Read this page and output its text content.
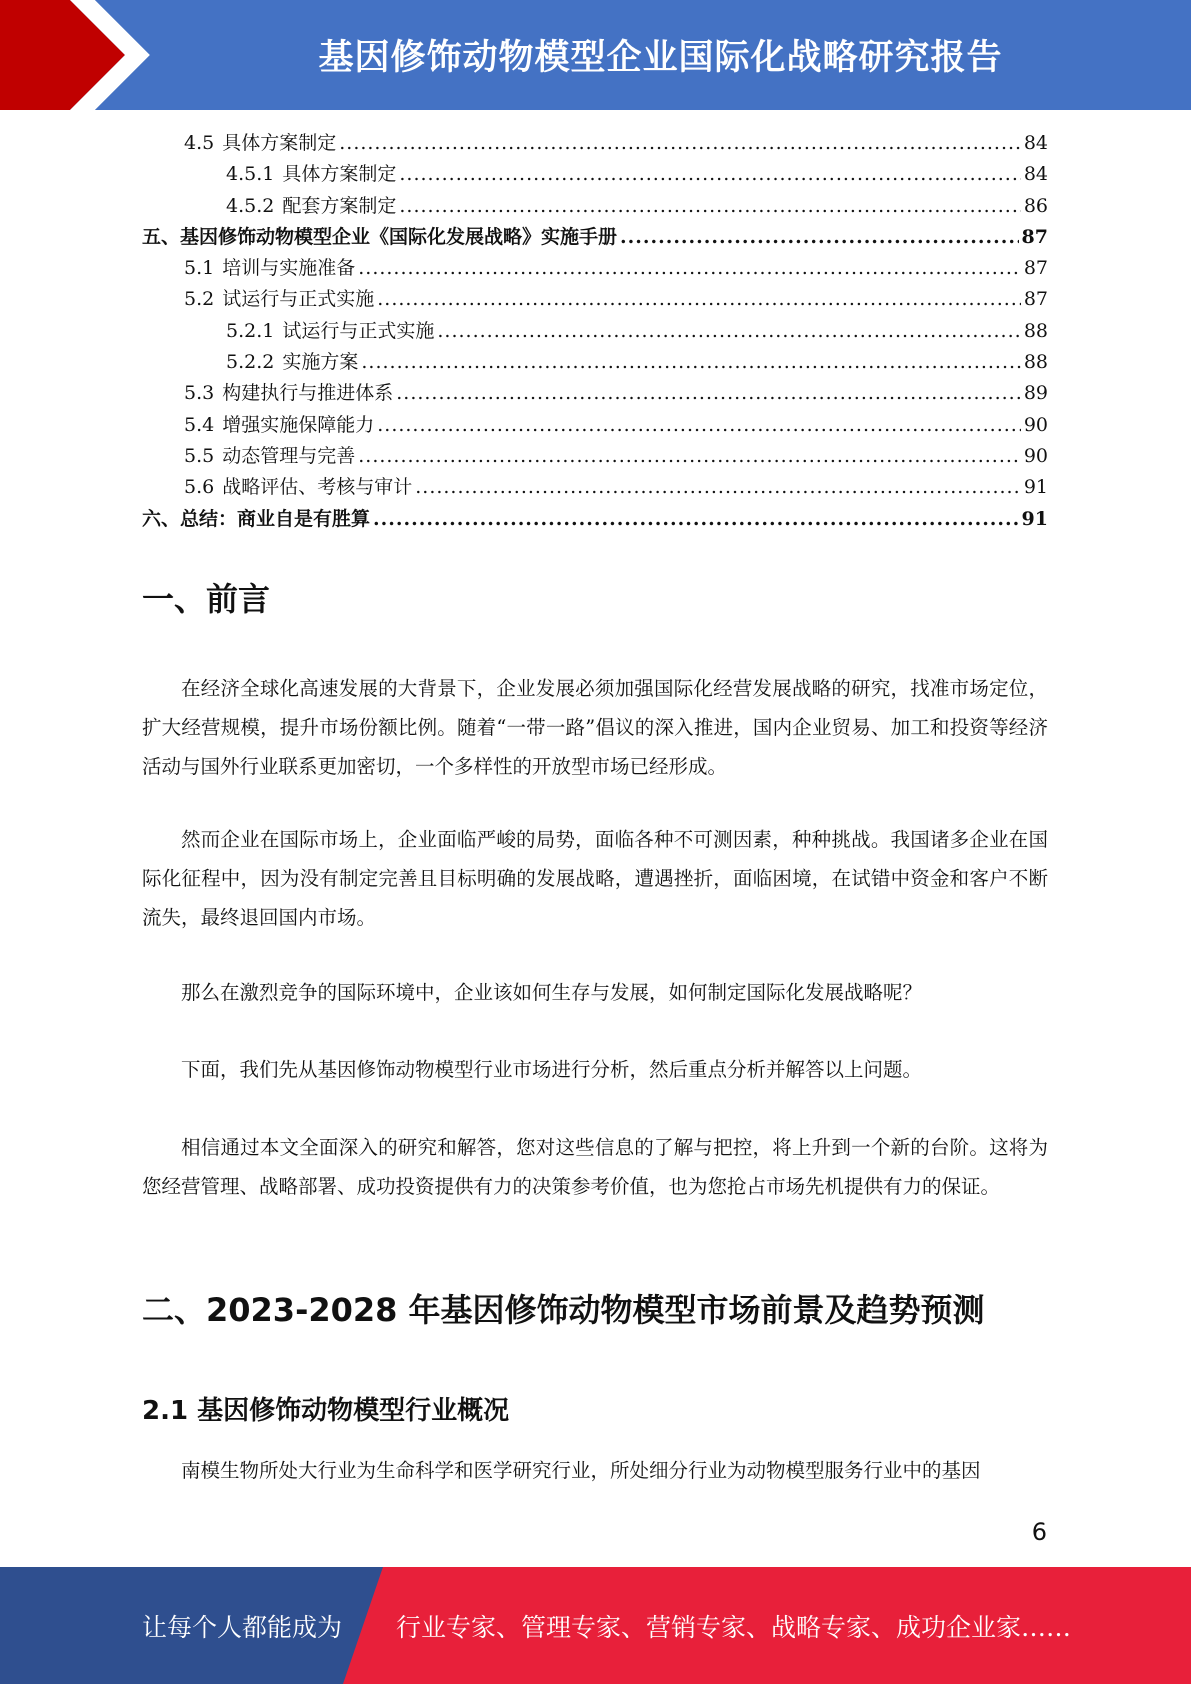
基因修饰动物模型企业国际化战略研究报告
4.5 具体方案制定 .....	84
4.5.1 具体方案制定 .....	84
4.5.2 配套方案制定 .....	86
五、基因修饰动物模型企业《国际化发展战略》实施手册 .....	87
5.1 培训与实施准备 .....	87
5.2 试运行与正式实施 .....	87
5.2.1 试运行与正式实施 .....	88
5.2.2 实施方案 .....	88
5.3 构建执行与推进体系 .....	89
5.4 增强实施保障能力 .....	90
5.5 动态管理与完善 .....	90
5.6 战略评估、考核与审计 .....	91
六、总结：商业自是有胜算 .....	91
一、前言

在经济全球化高速发展的大背景下，企业发展必须加强国际化经营发展战略的研究，找准市场定位，扩大经营规模，提升市场份额比例。随着“一带一路”倡议的深入推进，国内企业贸易、加工和投资等经济活动与国外行业联系更加密切，一个多样性的开放型市场已经形成。

然而企业在国际市场上，企业面临严峻的局势，面临各种不可测因素，种种挑战。我国诸多企业在国际化征程中，因为没有制定完善且目标明确的发展战略，遭遇挫折，面临困境，在试错中资金和客户不断流失，最终退回国内市场。

那么在激烈竞争的国际环境中，企业该如何生存与发展，如何制定国际化发展战略呢？

下面，我们先从基因修饰动物模型行业市场进行分析，然后重点分析并解答以上问题。

相信通过本文全面深入的研究和解答，您对这些信息的了解与把控，将上升到一个新的台阶。这将为您经营管理、战略部署、成功投资提供有力的决策参考价值，也为您抢占市场先机提供有力的保证。

二、2023-2028 年基因修饰动物模型市场前景及趋势预测
2.1 基因修饰动物模型行业概况

南模生物所处大行业为生命科学和医学研究行业，所处细分行业为动物模型服务行业中的基因

6
让每个人都能成为 行业专家、管理专家、营销专家、战略专家、成功企业家……
